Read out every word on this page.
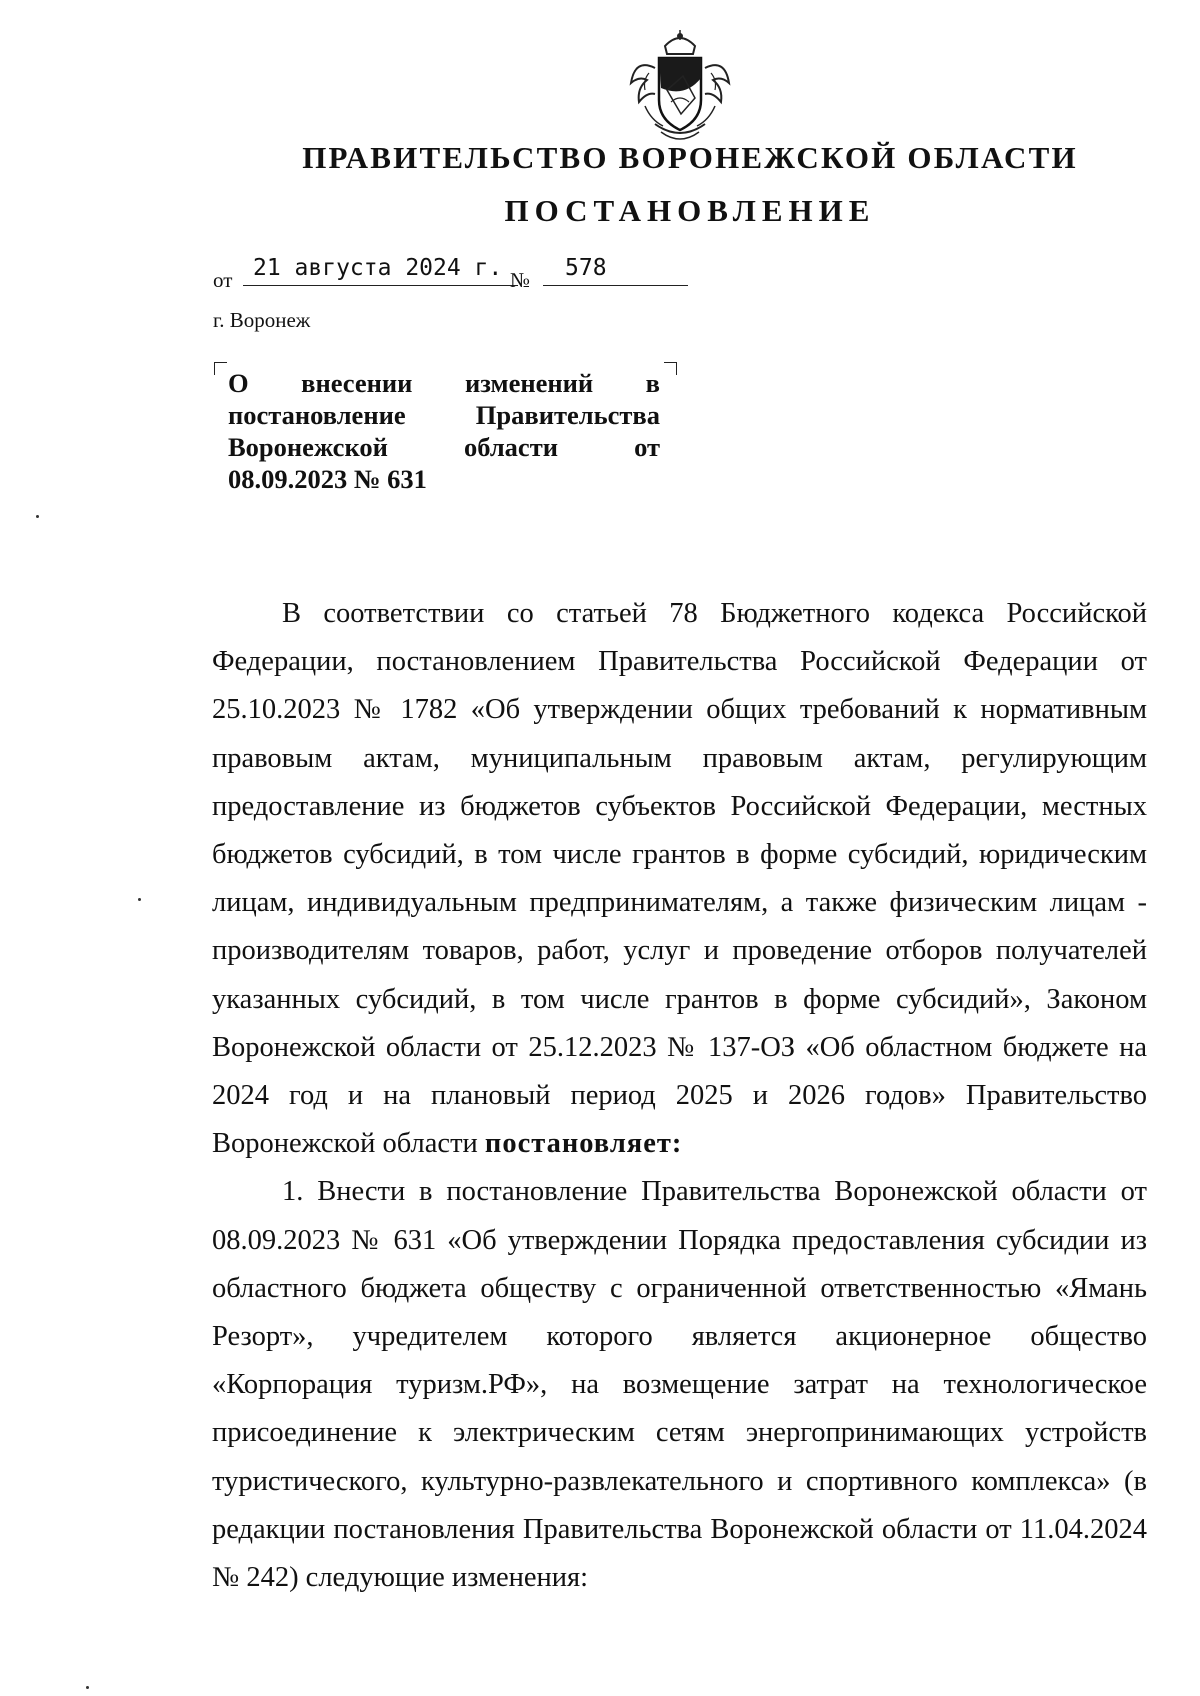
ПРАВИТЕЛЬСТВО ВОРОНЕЖСКОЙ ОБЛАСТИ
ПОСТАНОВЛЕНИЕ
от 21 августа 2024 г. №	578
г. Воронеж
О внесении изменений в
постановление Правительства
Воронежской области от
08.09.2023 № 631
В соответствии со статьей 78 Бюджетного кодекса Российской
Федерации, постановлением Правительства Российской Федерации от
25.10.2023 № 1782 «Об утверждении общих требований к нормативным
правовым актам, муниципальным правовым актам, регулирующим
предоставление из бюджетов субъектов Российской Федерации, местных
бюджетов субсидий, в том числе грантов в форме субсидий, юридическим
лицам, индивидуальным предпринимателям, а также физическим лицам -
производителям товаров, работ, услуг и проведение отборов получателей
указанных субсидий, в том числе грантов в форме субсидий», Законом
Воронежской области от 25.12.2023 № 137-ОЗ «Об областном бюджете на
2024 год и на плановый период 2025 и 2026 годов» Правительство
Воронежской области постановляет:
1. Внести в постановление Правительства Воронежской области от
08.09.2023 № 631 «Об утверждении Порядка предоставления субсидии из
областного бюджета обществу с ограниченной ответственностью «Ямань
Резорт», учредителем которого является акционерное общество
«Корпорация туризм.РФ», на возмещение затрат на технологическое
присоединение к электрическим сетям энергопринимающих устройств
туристического, культурно-развлекательного и спортивного комплекса» (в
редакции постановления Правительства Воронежской области от 11.04.2024
№ 242) следующие изменения:
